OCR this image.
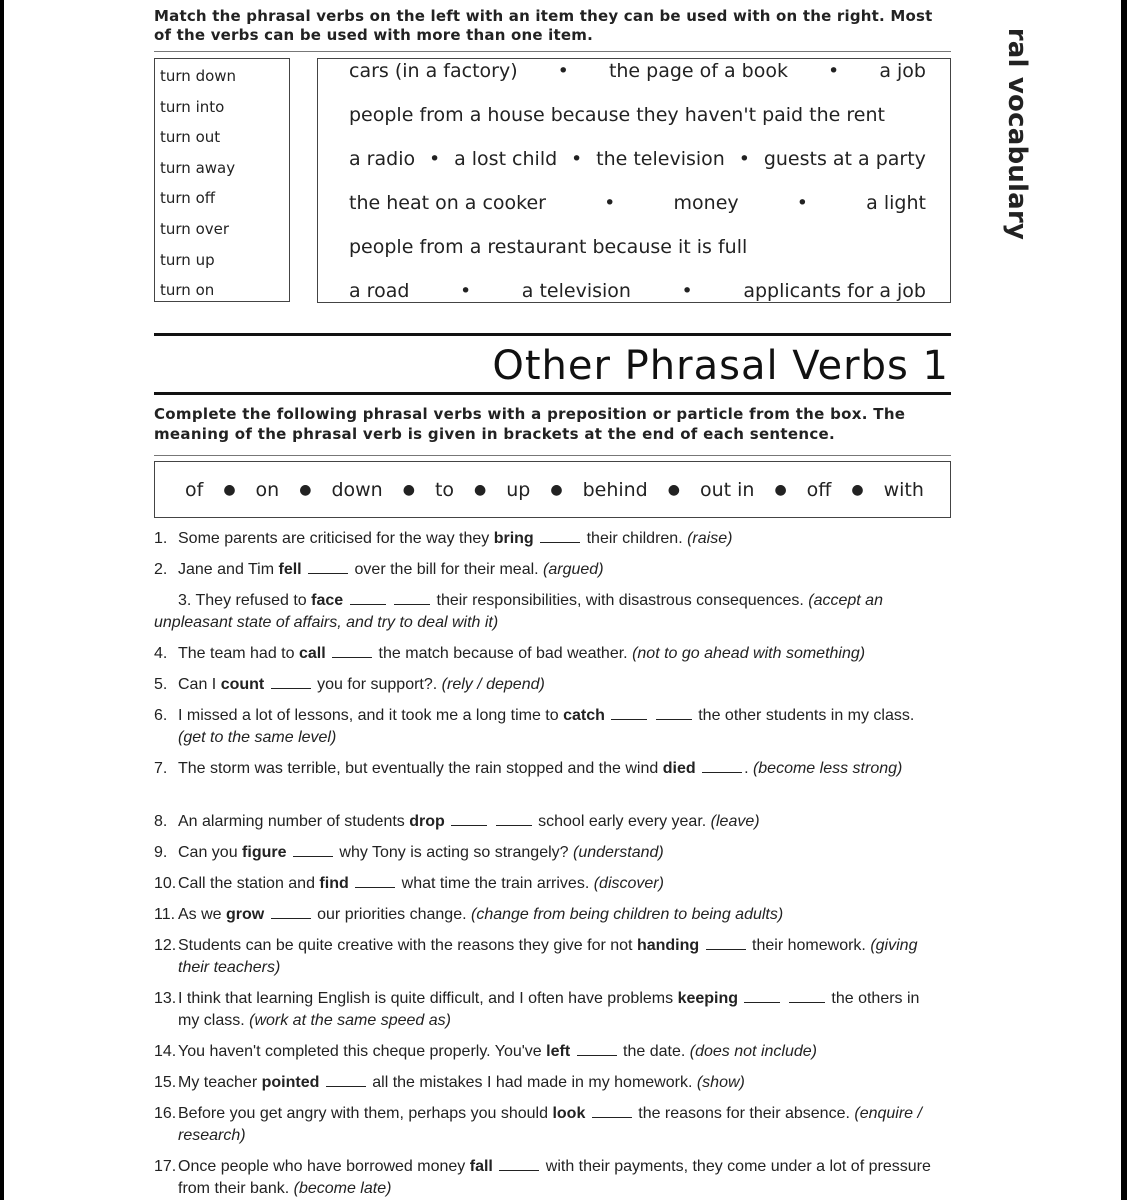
ral vocabulary
Match the phrasal verbs on the left with an item they can be used with on the right. Most of the verbs can be used with more than one item.
turn down
turn into
turn out
turn away
turn off
turn over
turn up
turn on
cars (in a factory) • the page of a book • a job
people from a house because they haven't paid the rent
a radio • a lost child • the television • guests at a party
the heat on a cooker	•	money	•	a light
people from a restaurant because it is full
a road	•	a television	•	applicants for a job
Other Phrasal Verbs 1
Complete the following phrasal verbs with a preposition or particle from the box. The meaning of the phrasal verb is given in brackets at the end of each sentence.
of ● on ● down ● to ● up ● behind ● out in ● off ● with
1. Some parents are criticised for the way they bring	their children. (raise)
2. Jane and Tim fell	over the bill for their meal. (argued)
3. They refused to face	their responsibilities, with disastrous consequences. (accept an unpleasant state of affairs, and try to deal with it)
4. The team had to call	the match because of bad weather. (not to go ahead with something)
5. Can I count	you for support?. (rely / depend)
6. I missed a lot of lessons, and it took me a long time to catch	the other students in my class. (get to the same level)
7. The storm was terrible, but eventually the rain stopped and the wind died	. (become less strong)
8. An alarming number of students drop	school early every year. (leave)
9. Can you figure	why Tony is acting so strangely? (understand)
10. Call the station and find	what time the train arrives. (discover)
11. As we grow	our priorities change. (change from being children to being adults)
12. Students can be quite creative with the reasons they give for not handing	their homework. (giving their teachers)
13. I think that learning English is quite difficult, and I often have problems keeping	the others in my class. (work at the same speed as)
14. You haven't completed this cheque properly. You've left	the date. (does not include)
15. My teacher pointed	all the mistakes I had made in my homework. (show)
16. Before you get angry with them, perhaps you should look	the reasons for their absence. (enquire / research)
17. Once people who have borrowed money fall	with their payments, they come under a lot of pressure from their bank. (become late)
